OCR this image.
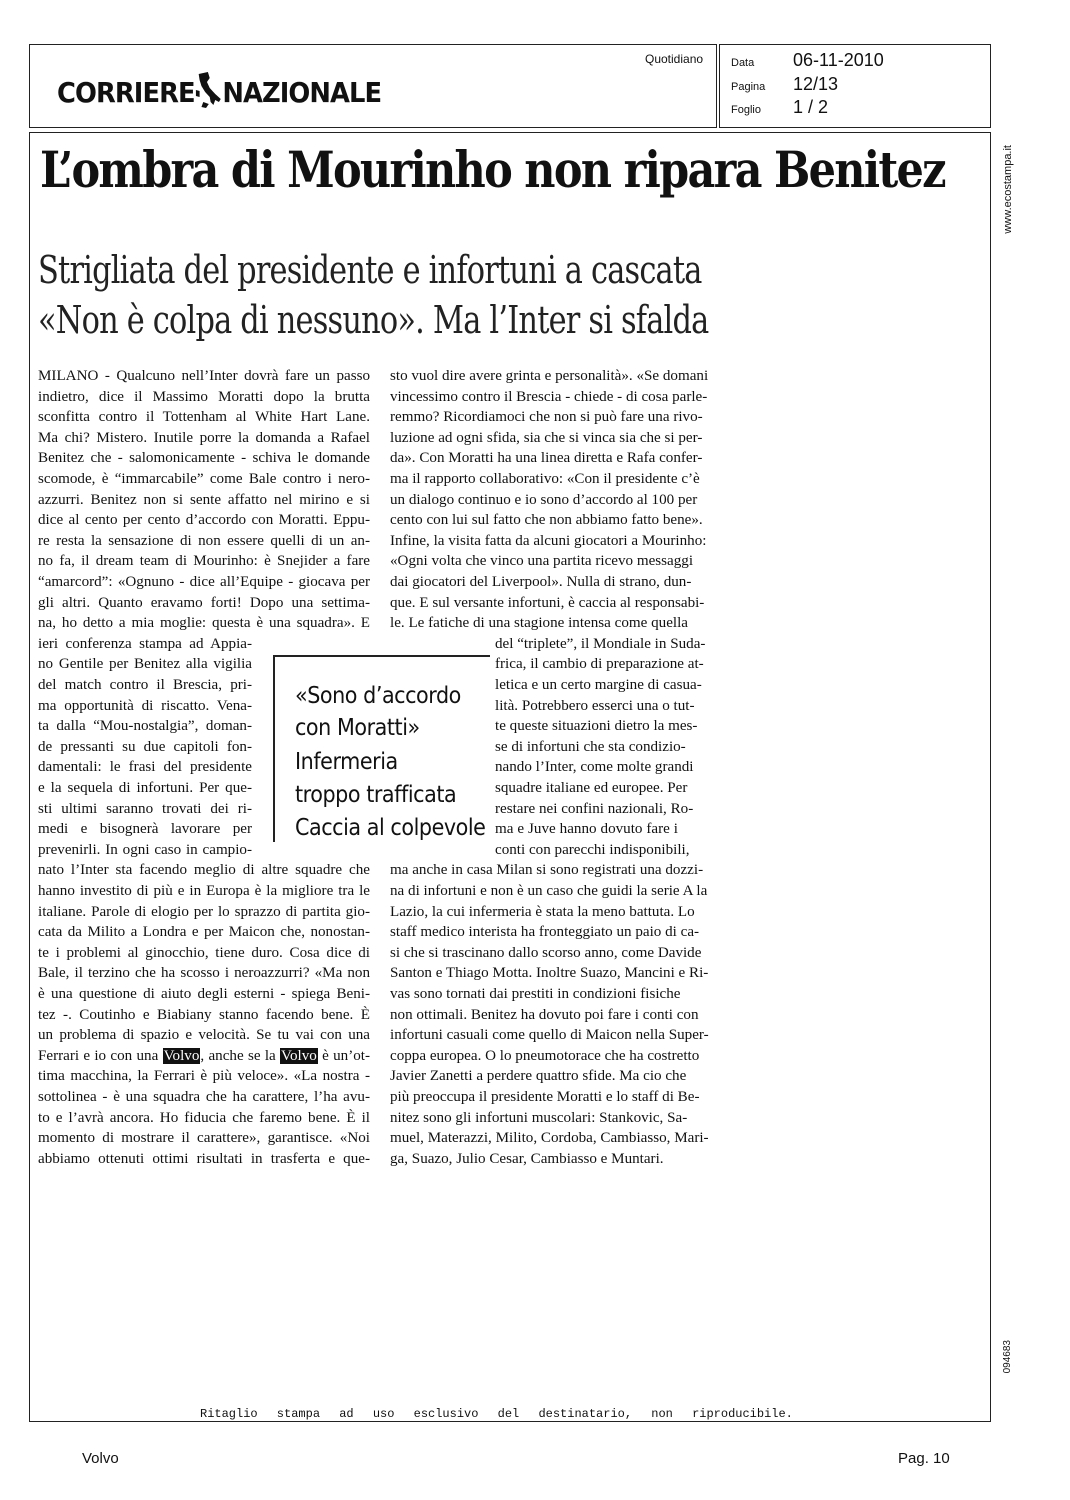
CORRIERE NAZIONALE
Quotidiano	Data 06-11-2010
Pagina 12/13
Foglio 1 / 2
www.ecostampa.it
094683
L’ombra di Mourinho non ripara Benitez
Strigliata del presidente e infortuni a cascata
«Non è colpa di nessuno». Ma l’Inter si sfalda
MILANO - Qualcuno nell’Inter dovrà fare un passo
indietro, dice il Massimo Moratti dopo la brutta
sconfitta contro il Tottenham al White Hart Lane.
Ma chi? Mistero. Inutile porre la domanda a Rafael
Benitez che - salomonicamente - schiva le domande
scomode, è “immarcabile” come Bale contro i nero-
azzurri. Benitez non si sente affatto nel mirino e si
dice al cento per cento d’accordo con Moratti. Eppu-
re resta la sensazione di non essere quelli di un an-
no fa, il dream team di Mourinho: è Snejider a fare
“amarcord”: «Ognuno - dice all’Equipe - giocava per
gli altri. Quanto eravamo forti! Dopo una settima-
na, ho detto a mia moglie: questa è una squadra». E
ieri conferenza stampa ad Appia-
no Gentile per Benitez alla vigilia
del match contro il Brescia, pri-
ma opportunità di riscatto. Vena-
ta dalla “Mou-nostalgia”, doman-
de pressanti su due capitoli fon-
damentali: le frasi del presidente
e la sequela di infortuni. Per que-
sti ultimi saranno trovati dei ri-
medi e bisognerà lavorare per
prevenirli. In ogni caso in campio-
nato l’Inter sta facendo meglio di altre squadre che
hanno investito di più e in Europa è la migliore tra le
italiane. Parole di elogio per lo sprazzo di partita gio-
cata da Milito a Londra e per Maicon che, nonostan-
te i problemi al ginocchio, tiene duro. Cosa dice di
Bale, il terzino che ha scosso i neroazzurri? «Ma non
è una questione di aiuto degli esterni - spiega Beni-
tez -. Coutinho e Biabiany stanno facendo bene. È
un problema di spazio e velocità. Se tu vai con una
Ferrari e io con una Volvo, anche se la Volvo è un’ot-
tima macchina, la Ferrari è più veloce». «La nostra -
sottolinea - è una squadra che ha carattere, l’ha avu-
to e l’avrà ancora. Ho fiducia che faremo bene. È il
momento di mostrare il carattere», garantisce. «Noi
abbiamo ottenuti ottimi risultati in trasferta e que-
sto vuol dire avere grinta e personalità». «Se domani
vincessimo contro il Brescia - chiede - di cosa parle-
remmo? Ricordiamoci che non si può fare una rivo-
luzione ad ogni sfida, sia che si vinca sia che si per-
da». Con Moratti ha una linea diretta e Rafa confer-
ma il rapporto collaborativo: «Con il presidente c’è
un dialogo continuo e io sono d’accordo al 100 per
cento con lui sul fatto che non abbiamo fatto bene».
Infine, la visita fatta da alcuni giocatori a Mourinho:
«Ogni volta che vinco una partita ricevo messaggi
dai giocatori del Liverpool». Nulla di strano, dun-
que. E sul versante infortuni, è caccia al responsabi-
le. Le fatiche di una stagione intensa come quella
del “triplete”, il Mondiale in Suda-
frica, il cambio di preparazione at-
letica e un certo margine di casua-
lità. Potrebbero esserci una o tut-
te queste situazioni dietro la mes-
se di infortuni che sta condizio-
nando l’Inter, come molte grandi
squadre italiane ed europee. Per
restare nei confini nazionali, Ro-
ma e Juve hanno dovuto fare i
conti con parecchi indisponibili,
ma anche in casa Milan si sono registrati una dozzi-
na di infortuni e non è un caso che guidi la serie A la
Lazio, la cui infermeria è stata la meno battuta. Lo
staff medico interista ha fronteggiato un paio di ca-
si che si trascinano dallo scorso anno, come Davide
Santon e Thiago Motta. Inoltre Suazo, Mancini e Ri-
vas sono tornati dai prestiti in condizioni fisiche
non ottimali. Benitez ha dovuto poi fare i conti con
infortuni casuali come quello di Maicon nella Super-
coppa europea. O lo pneumotorace che ha costretto
Javier Zanetti a perdere quattro sfide. Ma cio che
più preoccupa il presidente Moratti e lo staff di Be-
nitez sono gli infortuni muscolari: Stankovic, Sa-
muel, Materazzi, Milito, Cordoba, Cambiasso, Mari-
ga, Suazo, Julio Cesar, Cambiasso e Muntari.
«Sono d’accordo
con Moratti»
Infermeria
troppo trafficata
Caccia al colpevole
Ritaglio stampa ad uso esclusivo del destinatario, non riproducibile.
Volvo	Pag. 10
